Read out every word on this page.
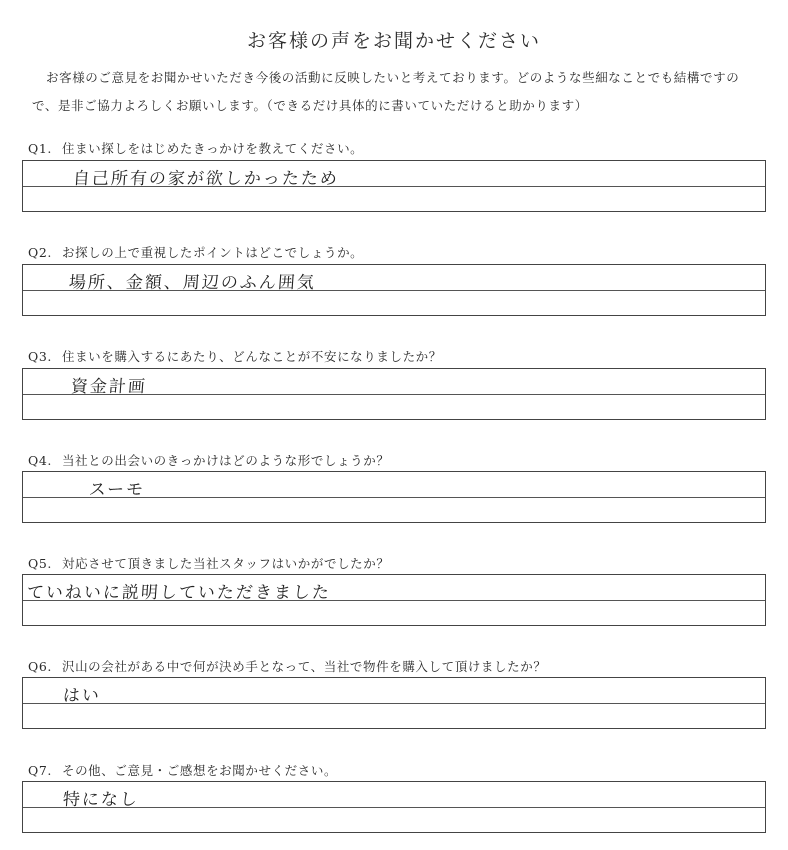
お客様の声をお聞かせください
お客様のご意見をお聞かせいただき今後の活動に反映したいと考えております。どのような些細なことでも結構ですので、是非ご協力よろしくお願いします。（できるだけ具体的に書いていただけると助かります）
Q1. 住まい探しをはじめたきっかけを教えてください。
自己所有の家が欲しかったため
Q2. お探しの上で重視したポイントはどこでしょうか。
場所、金額、周辺のふん囲気
Q3. 住まいを購入するにあたり、どんなことが不安になりましたか？
資金計画
Q4. 当社との出会いのきっかけはどのような形でしょうか？
スーモ
Q5. 対応させて頂きました当社スタッフはいかがでしたか？
ていねいに説明していただきました
Q6. 沢山の会社がある中で何が決め手となって、当社で物件を購入して頂けましたか？
はい
Q7. その他、ご意見・ご感想をお聞かせください。
特になし
